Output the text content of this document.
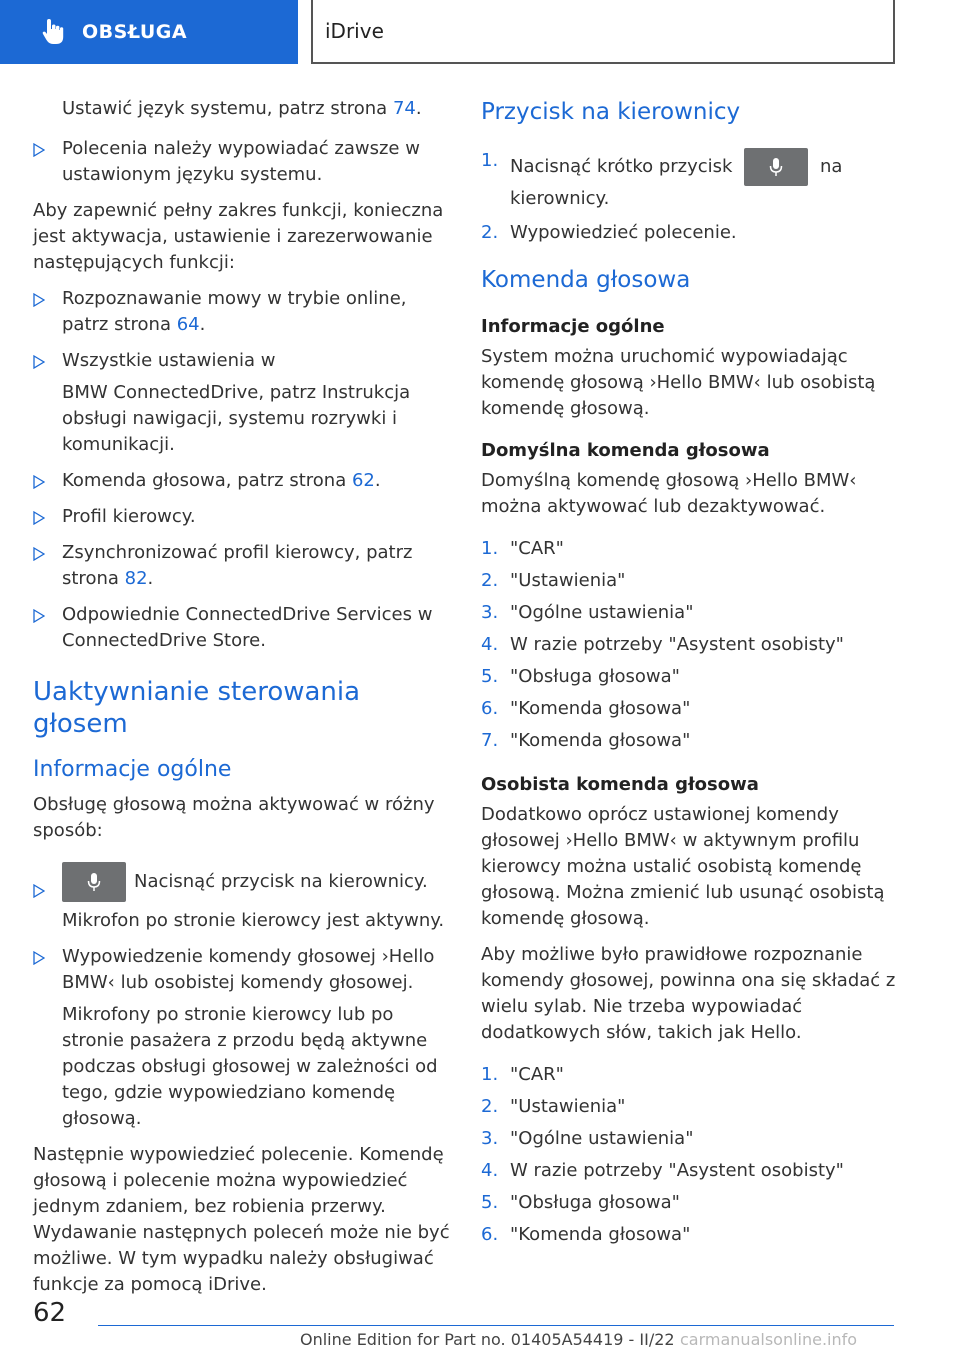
OBSŁUGA	iDrive
Ustawić język systemu, patrz strona 74.
Polecenia należy wypowiadać zawsze w ustawionym języku systemu.

Aby zapewnić pełny zakres funkcji, konieczna jest aktywacja, ustawienie i zarezerwowanie następujących funkcji:

Rozpoznawanie mowy w trybie online, patrz strona 64.
Wszystkie ustawienia w
BMW ConnectedDrive, patrz Instrukcja obsługi nawigacji, systemu rozrywki i komunikacji.
Komenda głosowa, patrz strona 62.
Profil kierowcy.
Zsynchronizować profil kierowcy, patrz strona 82.
Odpowiednie ConnectedDrive Services w ConnectedDrive Store.
Uaktywnianie sterowania głosem
Informacje ogólne

Obsługę głosową można aktywować w różny sposób:

Nacisnąć przycisk na kierownicy.
Mikrofon po stronie kierowcy jest aktywny.
Wypowiedzenie komendy głosowej ›Hello BMW‹ lub osobistej komendy głosowej.
Mikrofony po stronie kierowcy lub po stronie pasażera z przodu będą aktywne podczas obsługi głosowej w zależności od tego, gdzie wypowiedziano komendę głosową.

Następnie wypowiedzieć polecenie. Komendę głosową i polecenie można wypowiedzieć jednym zdaniem, bez robienia przerwy. Wydawanie następnych poleceń może nie być możliwe. W tym wypadku należy obsługiwać funkcje za pomocą iDrive.

Przycisk na kierownicy
1. Nacisnąć krótko przycisk	na kierownicy.
2. Wypowiedzieć polecenie.
Komenda głosowa
Informacje ogólne

System można uruchomić wypowiadając komendę głosową ›Hello BMW‹ lub osobistą komendę głosową.

Domyślna komenda głosowa

Domyślną komendę głosową ›Hello BMW‹ można aktywować lub dezaktywować.

1. "CAR"
2. "Ustawienia"
3. "Ogólne ustawienia"
4. W razie potrzeby "Asystent osobisty"
5. "Obsługa głosowa"
6. "Komenda głosowa"
7. "Komenda głosowa"
Osobista komenda głosowa

Dodatkowo oprócz ustawionej komendy głosowej ›Hello BMW‹ w aktywnym profilu kierowcy można ustalić osobistą komendę głosową. Można zmienić lub usunąć osobistą komendę głosową.

Aby możliwe było prawidłowe rozpoznanie komendy głosowej, powinna ona się składać z wielu sylab. Nie trzeba wypowiadać dodatkowych słów, takich jak Hello.

1. "CAR"
2. "Ustawienia"
3. "Ogólne ustawienia"
4. W razie potrzeby "Asystent osobisty"
5. "Obsługa głosowa"
6. "Komenda głosowa"
62
Online Edition for Part no. 01405A54419 - II/22 carmanualsonline.info
